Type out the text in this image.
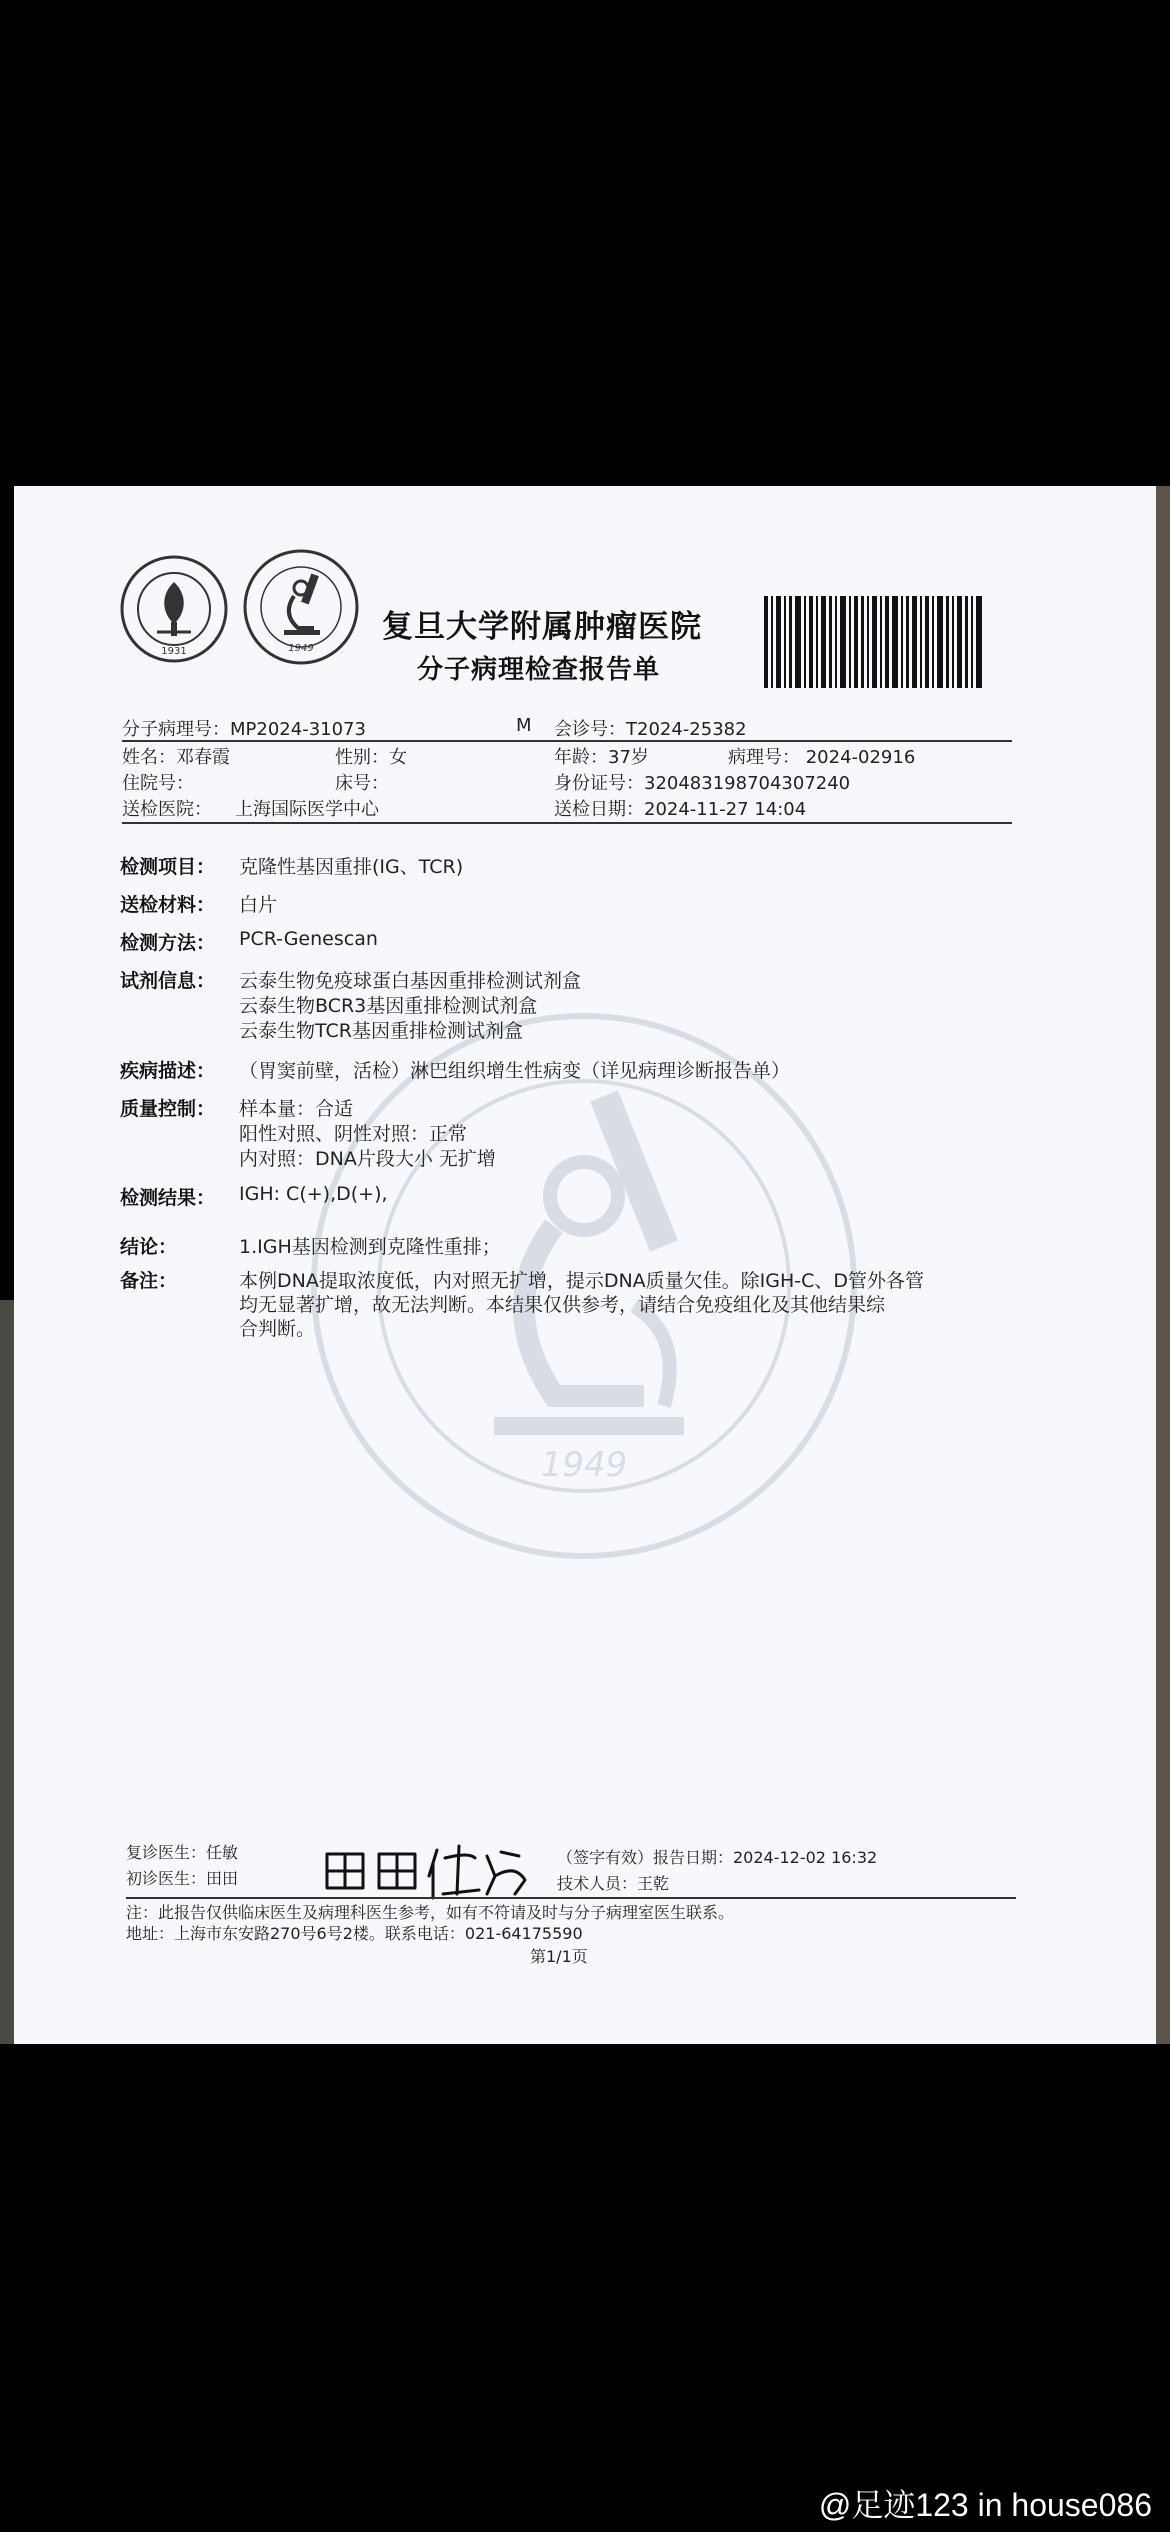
1931	1949
复旦大学附属肿瘤医院
分子病理检查报告单
1949
分子病理号：MP2024-31073	M 会诊号：T2024-25382
姓名：邓春霞	性别：女	年龄：37岁	病理号： 2024-02916
住院号：	床号：	身份证号：320483198704307240
送检医院： 上海国际医学中心	送检日期：2024-11-27 14:04
检测项目： 克隆性基因重排(IG、TCR)
送检材料： 白片
检测方法： PCR-Genescan
试剂信息： 云泰生物免疫球蛋白基因重排检测试剂盒
云泰生物BCR3基因重排检测试剂盒
云泰生物TCR基因重排检测试剂盒
疾病描述： （胃窦前壁，活检）淋巴组织增生性病变（详见病理诊断报告单）
质量控制： 样本量：合适
阳性对照、阴性对照：正常
内对照：DNA片段大小 无扩增
检测结果： IGH: C(+),D(+),
结论：	1.IGH基因检测到克隆性重排；
备注：	本例DNA提取浓度低，内对照无扩增，提示DNA质量欠佳。除IGH-C、D管外各管
均无显著扩增，故无法判断。本结果仅供参考，请结合免疫组化及其他结果综
合判断。
复诊医生：任敏
初诊医生：田田
（签字有效）报告日期：2024-12-02 16:32
技术人员：王乾
注：此报告仅供临床医生及病理科医生参考，如有不符请及时与分子病理室医生联系。
地址：上海市东安路270号6号2楼。联系电话：021-64175590
第1/1页
@足迹123 in house086
